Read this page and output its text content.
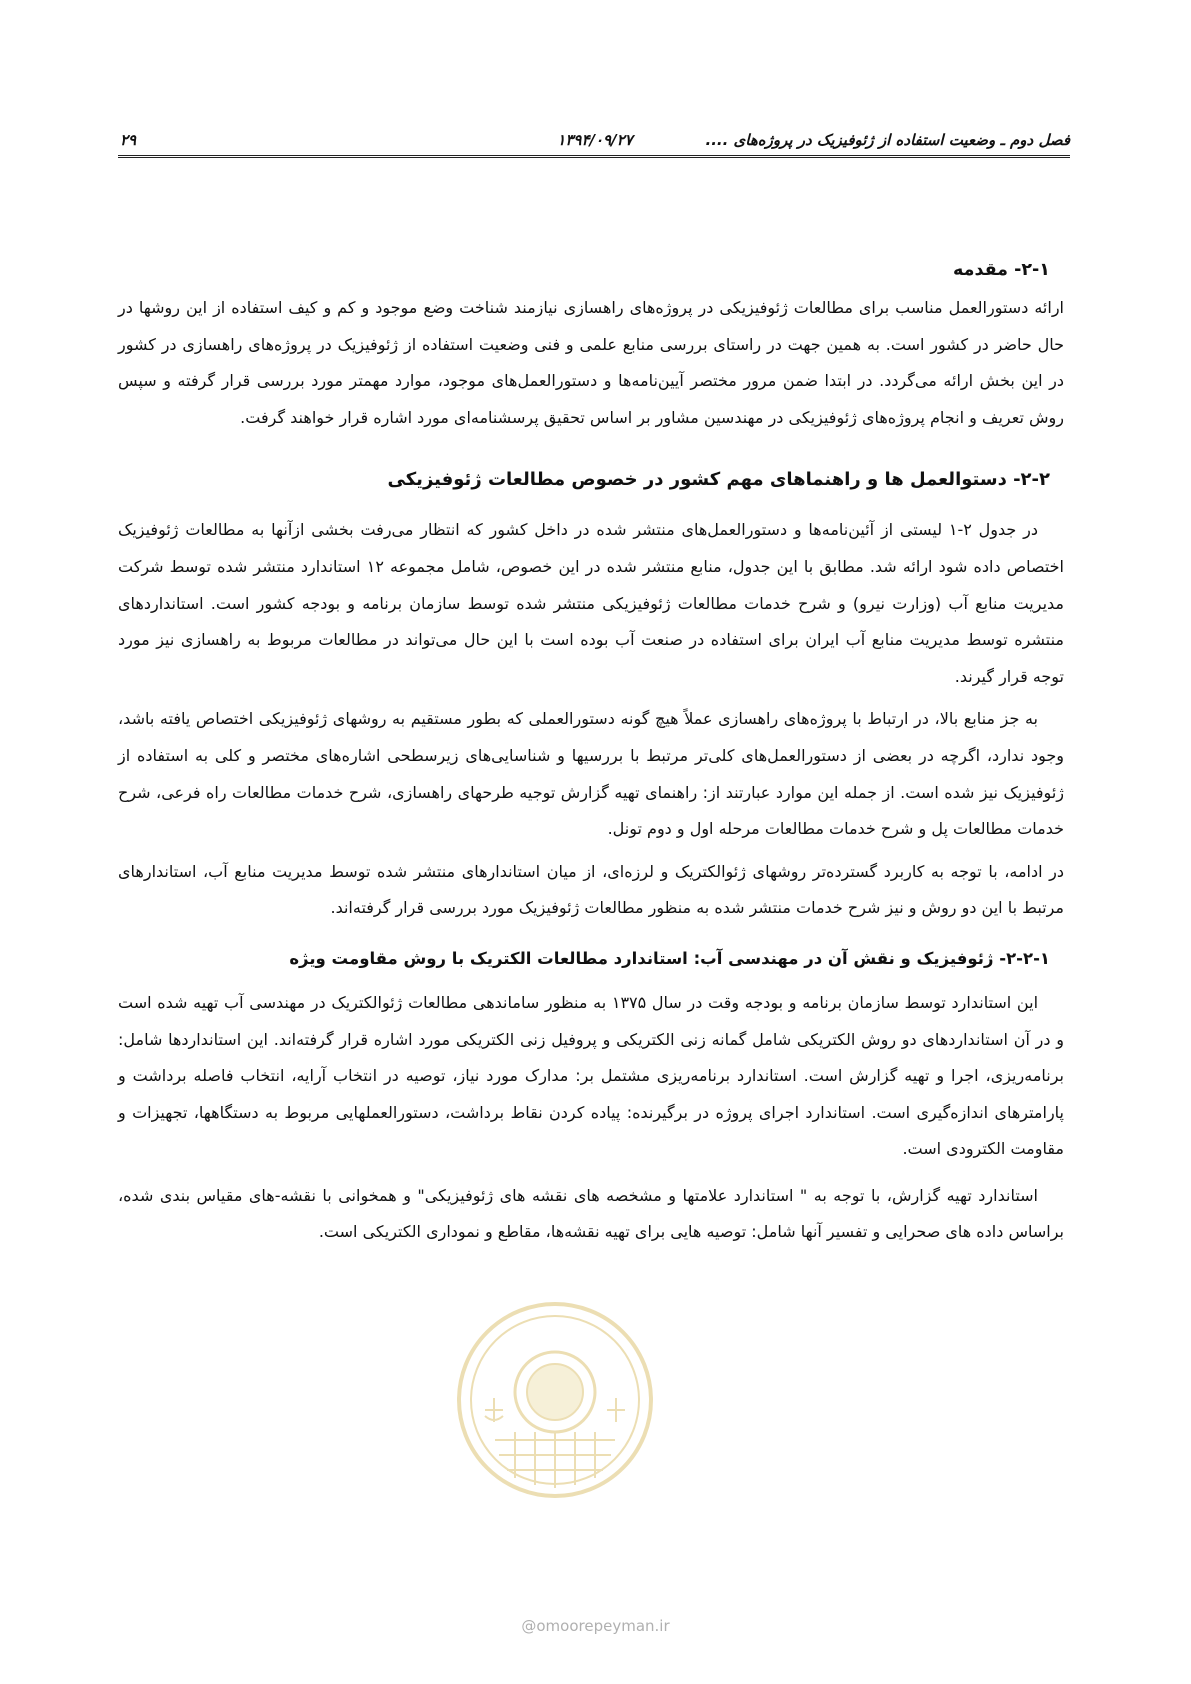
فصل دوم ـ وضعیت استفاده از ژئوفیزیک در پروژه‌های ....
۱۳۹۴/۰۹/۲۷
۲۹
۲-۱- مقدمه

ارائه دستورالعمل مناسب برای مطالعات ژئوفیزیکی در پروژه‌های راهسازی نیازمند شناخت وضع موجود و کم و کیف استفاده از این روشها در حال حاضر در کشور است. به همین جهت در راستای بررسی منابع علمی و فنی وضعیت استفاده از ژئوفیزیک در پروژه‌های راهسازی در کشور در این بخش ارائه می‌گردد. در ابتدا ضمن مرور مختصر آیین‌نامه‌ها و دستورالعمل‌های موجود، موارد مهمتر مورد بررسی قرار گرفته و سپس روش تعریف و انجام پروژه‌های ژئوفیزیکی در مهندسین مشاور بر اساس تحقیق پرسشنامه‌ای مورد اشاره قرار خواهند گرفت.

۲-۲- دستوالعمل ها و راهنماهای مهم کشور در خصوص مطالعات ژئوفیزیکی

در جدول ۲-۱ لیستی از آئین‌نامه‌ها و دستورالعمل‌های منتشر شده در داخل کشور که انتظار می‌رفت بخشی ازآنها به مطالعات ژئوفیزیک اختصاص داده شود ارائه شد. مطابق با این جدول، منابع منتشر شده در این خصوص، شامل مجموعه ۱۲ استاندارد منتشر شده توسط شرکت مدیریت منابع آب (وزارت نیرو) و شرح خدمات مطالعات ژئوفیزیکی منتشر شده توسط سازمان برنامه و بودجه کشور است. استانداردهای منتشره توسط مدیریت منابع آب ایران برای استفاده در صنعت آب بوده است با این حال می‌تواند در مطالعات مربوط به راهسازی نیز مورد توجه قرار گیرند.

به جز منابع بالا، در ارتباط با پروژه‌های راهسازی عملاً هیچ گونه دستورالعملی که بطور مستقیم به روشهای ژئوفیزیکی اختصاص یافته باشد، وجود ندارد، اگرچه در بعضی از دستورالعمل‌های کلی‌تر مرتبط با بررسیها و شناسایی‌های زیرسطحی اشاره‌های مختصر و کلی به استفاده از ژئوفیزیک نیز شده است. از جمله این موارد عبارتند از: راهنمای تهیه گزارش توجیه طرحهای راهسازی، شرح خدمات مطالعات راه فرعی، شرح خدمات مطالعات پل و شرح خدمات مطالعات مرحله اول و دوم تونل.

در ادامه، با توجه به کاربرد گسترده‌تر روشهای ژئوالکتریک و لرزه‌ای، از میان استاندارهای منتشر شده توسط مدیریت منابع آب، استاندارهای مرتبط با این دو روش و نیز شرح خدمات منتشر شده به منظور مطالعات ژئوفیزیک مورد بررسی قرار گرفته‌اند.

۲-۲-۱- ژئوفیزیک و نقش آن در مهندسی آب: استاندارد مطالعات الکتریک با روش مقاومت ویژه

این استاندارد توسط سازمان برنامه و بودجه وقت در سال ۱۳۷۵ به منظور ساماندهی مطالعات ژئوالکتریک در مهندسی آب تهیه شده است و در آن استانداردهای دو روش الکتریکی شامل گمانه زنی الکتریکی و پروفیل زنی الکتریکی مورد اشاره قرار گرفته‌اند. این استانداردها شامل: برنامه‌ریزی، اجرا و تهیه گزارش است. استاندارد برنامه‌ریزی مشتمل بر: مدارک مورد نیاز، توصیه در انتخاب آرایه، انتخاب فاصله برداشت و پارامترهای اندازه‌گیری است. استاندارد اجرای پروژه در برگیرنده: پیاده کردن نقاط برداشت، دستورالعملهایی مربوط به دستگاهها، تجهیزات و مقاومت الکترودی است.

استاندارد تهیه گزارش، با توجه به " استاندارد علامتها و مشخصه های نقشه های ژئوفیزیکی" و همخوانی با نقشه-های مقیاس بندی شده، براساس داده های صحرایی و تفسیر آنها شامل: توصیه هایی برای تهیه نقشه‌ها، مقاطع و نمودار‌ی الکتریکی است.

@omoorepeyman.ir
